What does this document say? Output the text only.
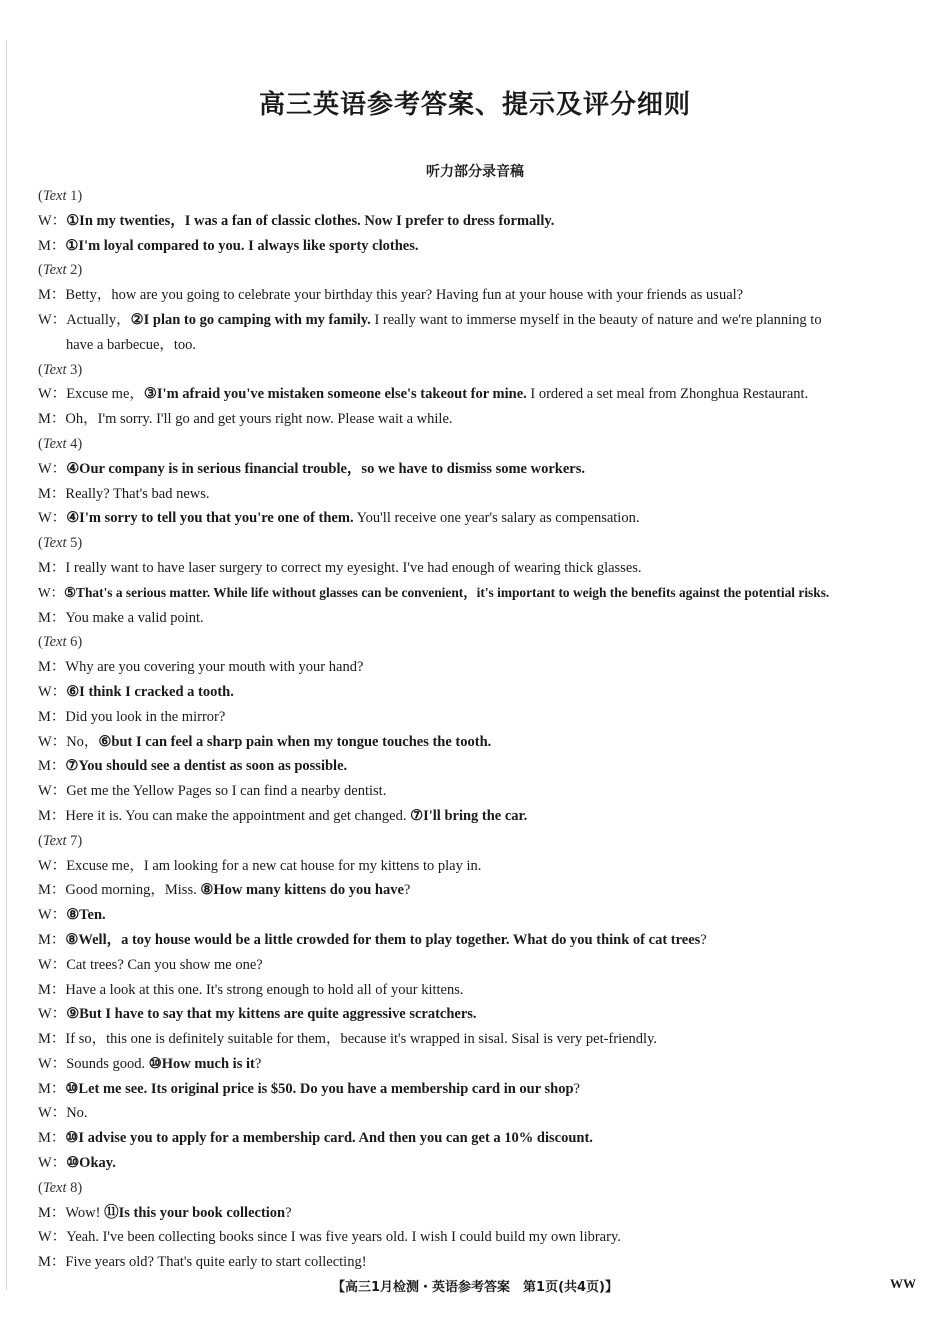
高三英语参考答案、提示及评分细则
听力部分录音稿
(Text 1)
W：①In my twenties，I was a fan of classic clothes. Now I prefer to dress formally.
M：①I'm loyal compared to you. I always like sporty clothes.
(Text 2)
M：Betty，how are you going to celebrate your birthday this year? Having fun at your house with your friends as usual?
W：Actually，②I plan to go camping with my family. I really want to immerse myself in the beauty of nature and we're planning to
have a barbecue，too.
(Text 3)
W：Excuse me，③I'm afraid you've mistaken someone else's takeout for mine. I ordered a set meal from Zhonghua Restaurant.
M：Oh，I'm sorry. I'll go and get yours right now. Please wait a while.
(Text 4)
W：④Our company is in serious financial trouble，so we have to dismiss some workers.
M：Really? That's bad news.
W：④I'm sorry to tell you that you're one of them. You'll receive one year's salary as compensation.
(Text 5)
M：I really want to have laser surgery to correct my eyesight. I've had enough of wearing thick glasses.
W：⑤That's a serious matter. While life without glasses can be convenient，it's important to weigh the benefits against the potential risks.
M：You make a valid point.
(Text 6)
M：Why are you covering your mouth with your hand?
W：⑥I think I cracked a tooth.
M：Did you look in the mirror?
W：No，⑥but I can feel a sharp pain when my tongue touches the tooth.
M：⑦You should see a dentist as soon as possible.
W：Get me the Yellow Pages so I can find a nearby dentist.
M：Here it is. You can make the appointment and get changed. ⑦I'll bring the car.
(Text 7)
W：Excuse me，I am looking for a new cat house for my kittens to play in.
M：Good morning，Miss. ⑧How many kittens do you have?
W：⑧Ten.
M：⑧Well，a toy house would be a little crowded for them to play together. What do you think of cat trees?
W：Cat trees? Can you show me one?
M：Have a look at this one. It's strong enough to hold all of your kittens.
W：⑨But I have to say that my kittens are quite aggressive scratchers.
M：If so，this one is definitely suitable for them，because it's wrapped in sisal. Sisal is very pet-friendly.
W：Sounds good. ⑩How much is it?
M：⑩Let me see. Its original price is $50. Do you have a membership card in our shop?
W：No.
M：⑩I advise you to apply for a membership card. And then you can get a 10% discount.
W：⑩Okay.
(Text 8)
M：Wow! ⑪Is this your book collection?
W：Yeah. I've been collecting books since I was five years old. I wish I could build my own library.
M：Five years old? That's quite early to start collecting!
【高三1月检测・英语参考答案　第1页(共4页)】	WW
